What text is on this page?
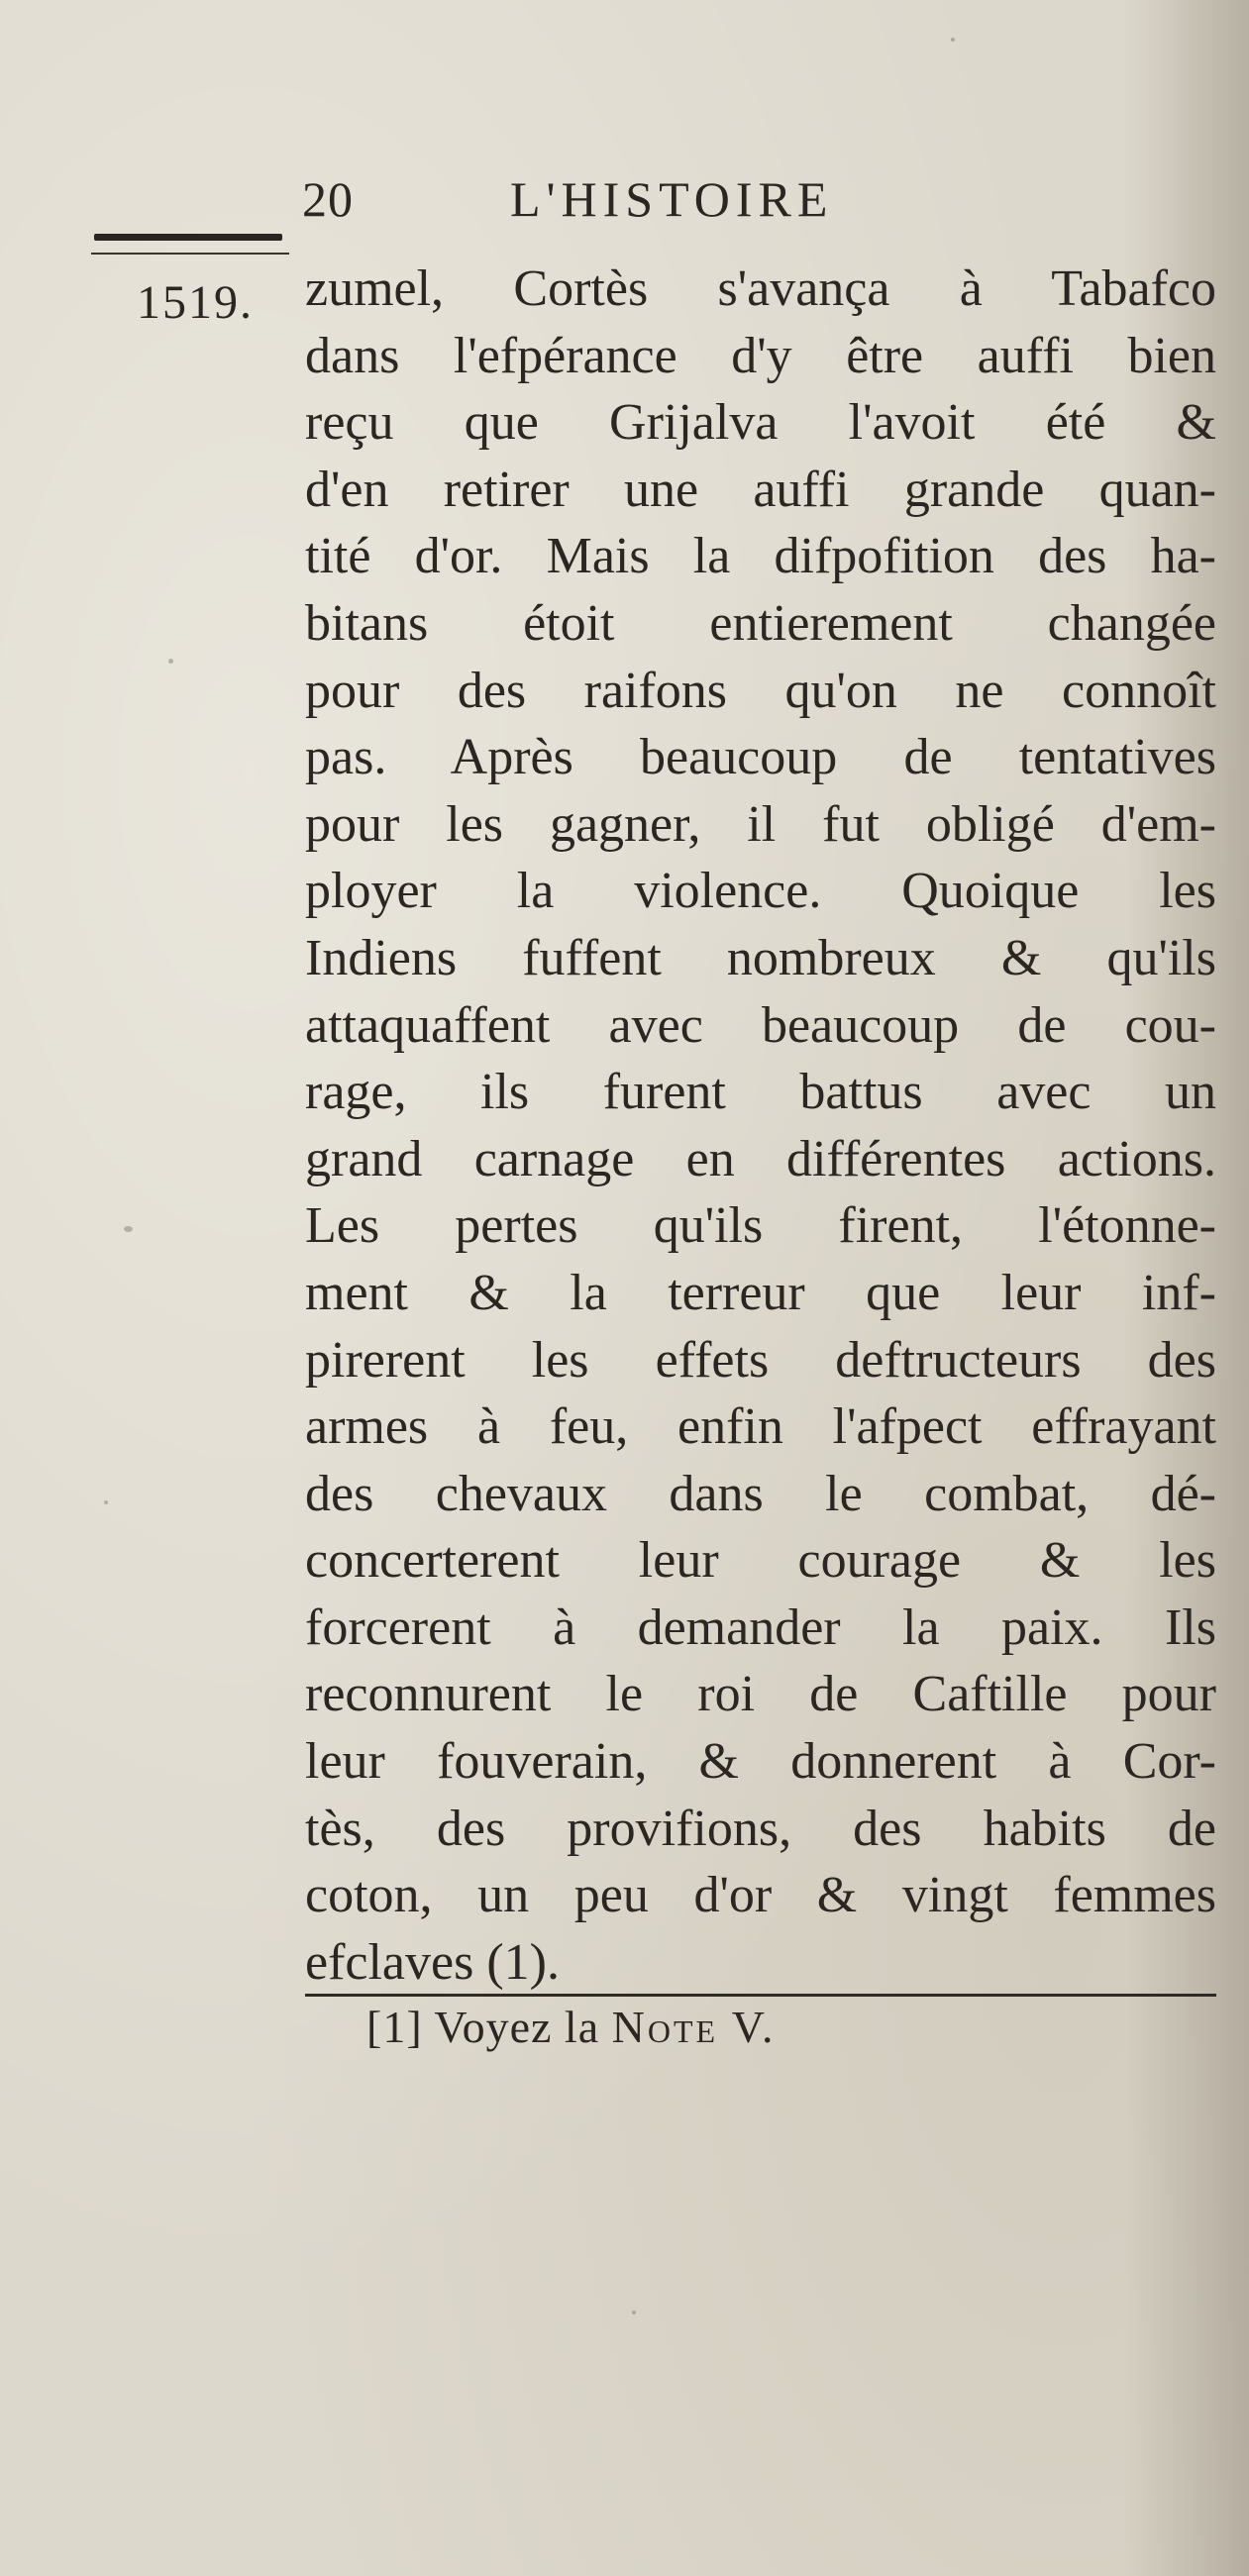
20	L'HISTOIRE
1519. zumel, Cortès s'avança à Tabafco
dans l'efpérance d'y être auffi bien
reçu que Grijalva l'avoit été &
d'en retirer une auffi grande quan-
tité d'or. Mais la difpofition des ha-
bitans étoit entierement changée
pour des raifons qu'on ne connoît
pas. Après beaucoup de tentatives
pour les gagner, il fut obligé d'em-
ployer la violence. Quoique les
Indiens fuffent nombreux & qu'ils
attaquaffent avec beaucoup de cou-
rage, ils furent battus avec un
grand carnage en différentes actions.
Les pertes qu'ils firent, l'étonne-
ment & la terreur que leur inf-
pirerent les effets deftructeurs des
armes à feu, enfin l'afpect effrayant
des chevaux dans le combat, dé-
concerterent leur courage & les
forcerent à demander la paix. Ils
reconnurent le roi de Caftille pour
leur fouverain, & donnerent à Cor-
tès, des provifions, des habits de
coton, un peu d'or & vingt femmes
efclaves (1).
[1] Voyez la Note V.
